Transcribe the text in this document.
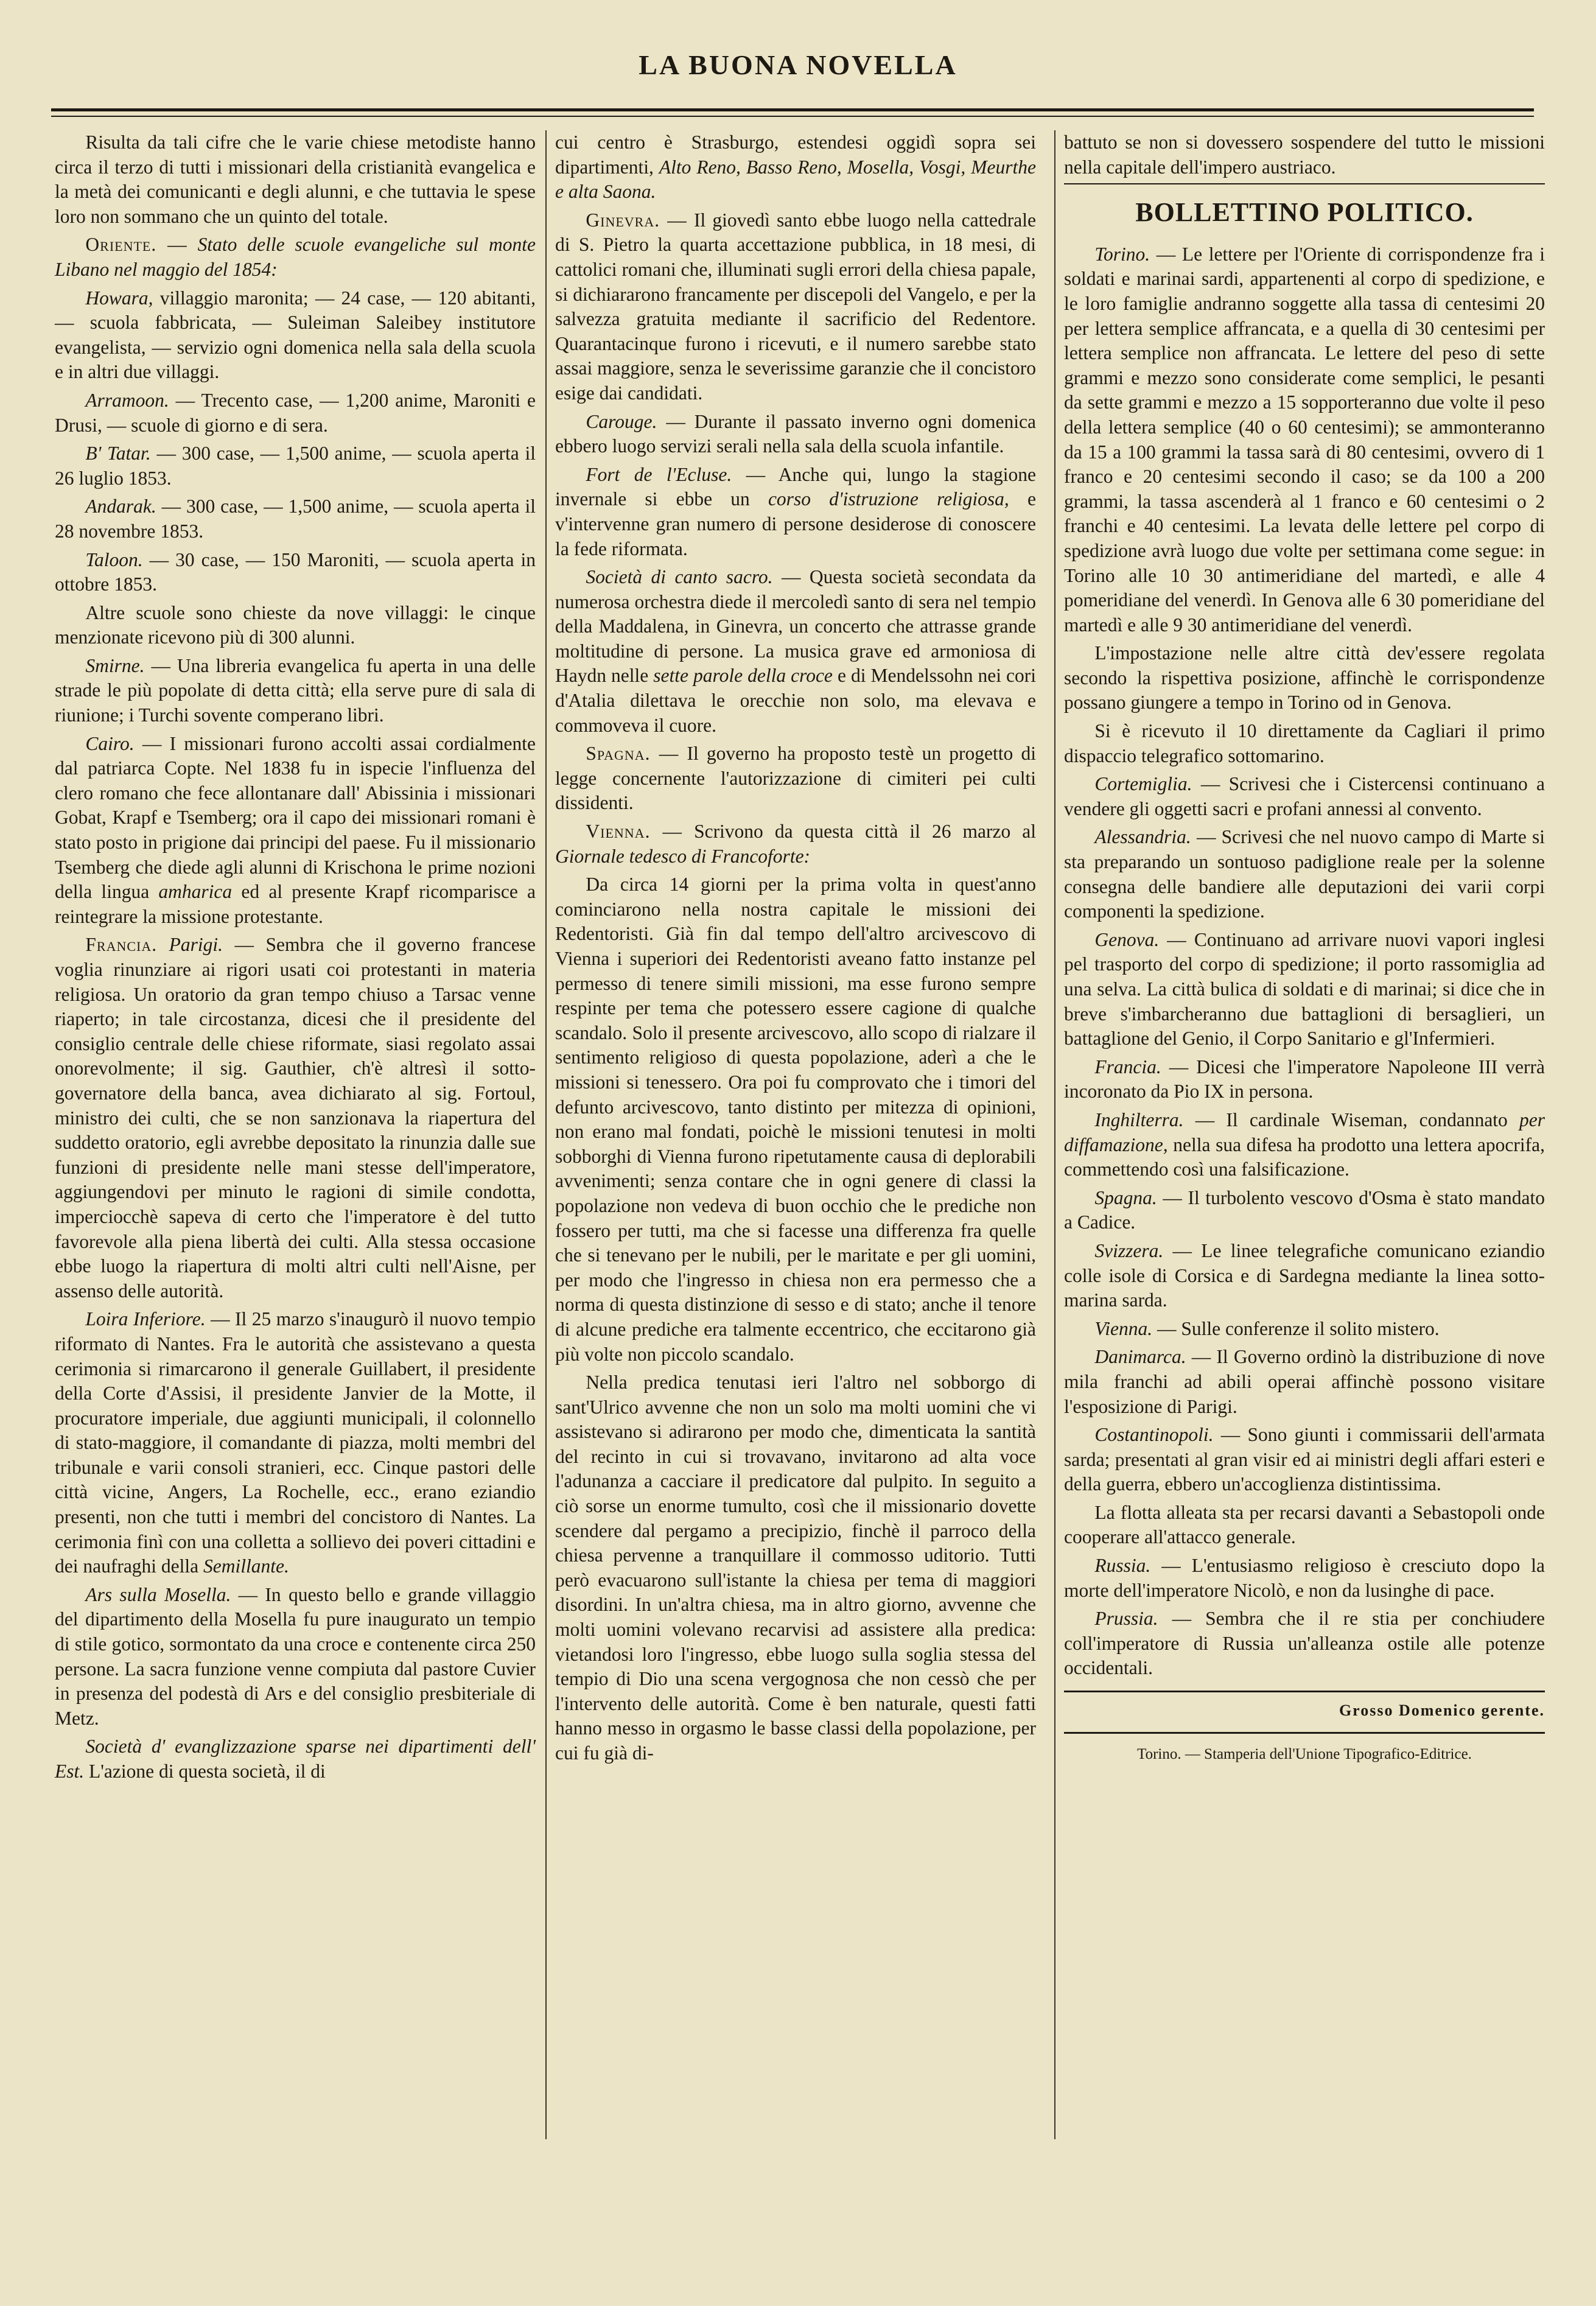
LA BUONA NOVELLA

Risulta da tali cifre che le varie chiese metodiste hanno circa il terzo di tutti i missionari della cristianità evangelica e la metà dei comunicanti e degli alunni, e che tuttavia le spese loro non sommano che un quinto del totale.

Oriente. — Stato delle scuole evangeliche sul monte Libano nel maggio del 1854:

Howara, villaggio maronita; — 24 case, — 120 abitanti, — scuola fabbricata, — Suleiman Saleibey institutore evangelista, — servizio ogni domenica nella sala della scuola e in altri due villaggi.

Arramoon. — Trecento case, — 1,200 anime, Maroniti e Drusi, — scuole di giorno e di sera.

B' Tatar. — 300 case, — 1,500 anime, — scuola aperta il 26 luglio 1853.

Andarak. — 300 case, — 1,500 anime, — scuola aperta il 28 novembre 1853.

Taloon. — 30 case, — 150 Maroniti, — scuola aperta in ottobre 1853.

Altre scuole sono chieste da nove villaggi: le cinque menzionate ricevono più di 300 alunni.

Smirne. — Una libreria evangelica fu aperta in una delle strade le più popolate di detta città; ella serve pure di sala di riunione; i Turchi sovente comperano libri.

Cairo. — I missionari furono accolti assai cordialmente dal patriarca Copte. Nel 1838 fu in ispecie l'influenza del clero romano che fece allontanare dall' Abissinia i missionari Gobat, Krapf e Tsemberg; ora il capo dei missionari romani è stato posto in prigione dai principi del paese. Fu il missionario Tsemberg che diede agli alunni di Krischona le prime nozioni della lingua amharica ed al presente Krapf ricomparisce a reintegrare la missione protestante.

Francia. Parigi. — Sembra che il governo francese voglia rinunziare ai rigori usati coi protestanti in materia religiosa. Un oratorio da gran tempo chiuso a Tarsac venne riaperto; in tale circostanza, dicesi che il presidente del consiglio centrale delle chiese riformate, siasi regolato assai onorevolmente; il sig. Gauthier, ch'è altresì il sotto-governatore della banca, avea dichiarato al sig. Fortoul, ministro dei culti, che se non sanzionava la riapertura del suddetto oratorio, egli avrebbe depositato la rinunzia dalle sue funzioni di presidente nelle mani stesse dell'imperatore, aggiungendovi per minuto le ragioni di simile condotta, imperciocchè sapeva di certo che l'imperatore è del tutto favorevole alla piena libertà dei culti. Alla stessa occasione ebbe luogo la riapertura di molti altri culti nell'Aisne, per assenso delle autorità.

Loira Inferiore. — Il 25 marzo s'inaugurò il nuovo tempio riformato di Nantes. Fra le autorità che assistevano a questa cerimonia si rimarcarono il generale Guillabert, il presidente della Corte d'Assisi, il presidente Janvier de la Motte, il procuratore imperiale, due aggiunti municipali, il colonnello di stato-maggiore, il comandante di piazza, molti membri del tribunale e varii consoli stranieri, ecc. Cinque pastori delle città vicine, Angers, La Rochelle, ecc., erano eziandio presenti, non che tutti i membri del concistoro di Nantes. La cerimonia finì con una colletta a sollievo dei poveri cittadini e dei naufraghi della Semillante.

Ars sulla Mosella. — In questo bello e grande villaggio del dipartimento della Mosella fu pure inaugurato un tempio di stile gotico, sormontato da una croce e contenente circa 250 persone. La sacra funzione venne compiuta dal pastore Cuvier in presenza del podestà di Ars e del consiglio presbiteriale di Metz.

Società d' evanglizzazione sparse nei dipartimenti dell' Est. L'azione di questa società, il di

cui centro è Strasburgo, estendesi oggidì sopra sei dipartimenti, Alto Reno, Basso Reno, Mosella, Vosgi, Meurthe e alta Saona.

Ginevra. — Il giovedì santo ebbe luogo nella cattedrale di S. Pietro la quarta accettazione pubblica, in 18 mesi, di cattolici romani che, illuminati sugli errori della chiesa papale, si dichiararono francamente per discepoli del Vangelo, e per la salvezza gratuita mediante il sacrificio del Redentore. Quarantacinque furono i ricevuti, e il numero sarebbe stato assai maggiore, senza le severissime garanzie che il concistoro esige dai candidati.

Carouge. — Durante il passato inverno ogni domenica ebbero luogo servizi serali nella sala della scuola infantile.

Fort de l'Ecluse. — Anche qui, lungo la stagione invernale si ebbe un corso d'istruzione religiosa, e v'intervenne gran numero di persone desiderose di conoscere la fede riformata.

Società di canto sacro. — Questa società secondata da numerosa orchestra diede il mercoledì santo di sera nel tempio della Maddalena, in Ginevra, un concerto che attrasse grande moltitudine di persone. La musica grave ed armoniosa di Haydn nelle sette parole della croce e di Mendelssohn nei cori d'Atalia dilettava le orecchie non solo, ma elevava e commoveva il cuore.

Spagna. — Il governo ha proposto testè un progetto di legge concernente l'autorizzazione di cimiteri pei culti dissidenti.

Vienna. — Scrivono da questa città il 26 marzo al Giornale tedesco di Francoforte:

Da circa 14 giorni per la prima volta in quest'anno cominciarono nella nostra capitale le missioni dei Redentoristi. Già fin dal tempo dell'altro arcivescovo di Vienna i superiori dei Redentoristi aveano fatto instanze pel permesso di tenere simili missioni, ma esse furono sempre respinte per tema che potessero essere cagione di qualche scandalo. Solo il presente arcivescovo, allo scopo di rialzare il sentimento religioso di questa popolazione, aderì a che le missioni si tenessero. Ora poi fu comprovato che i timori del defunto arcivescovo, tanto distinto per mitezza di opinioni, non erano mal fondati, poichè le missioni tenutesi in molti sobborghi di Vienna furono ripetutamente causa di deplorabili avvenimenti; senza contare che in ogni genere di classi la popolazione non vedeva di buon occhio che le prediche non fossero per tutti, ma che si facesse una differenza fra quelle che si tenevano per le nubili, per le maritate e per gli uomini, per modo che l'ingresso in chiesa non era permesso che a norma di questa distinzione di sesso e di stato; anche il tenore di alcune prediche era talmente eccentrico, che eccitarono già più volte non piccolo scandalo.

Nella predica tenutasi ieri l'altro nel sobborgo di sant'Ulrico avvenne che non un solo ma molti uomini che vi assistevano si adirarono per modo che, dimenticata la santità del recinto in cui si trovavano, invitarono ad alta voce l'adunanza a cacciare il predicatore dal pulpito. In seguito a ciò sorse un enorme tumulto, così che il missionario dovette scendere dal pergamo a precipizio, finchè il parroco della chiesa pervenne a tranquillare il commosso uditorio. Tutti però evacuarono sull'istante la chiesa per tema di maggiori disordini. In un'altra chiesa, ma in altro giorno, avvenne che molti uomini volevano recarvisi ad assistere alla predica: vietandosi loro l'ingresso, ebbe luogo sulla soglia stessa del tempio di Dio una scena vergognosa che non cessò che per l'intervento delle autorità. Come è ben naturale, questi fatti hanno messo in orgasmo le basse classi della popolazione, per cui fu già di-

battuto se non si dovessero sospendere del tutto le missioni nella capitale dell'impero austriaco.

BOLLETTINO POLITICO.

Torino. — Le lettere per l'Oriente di corrispondenze fra i soldati e marinai sardi, appartenenti al corpo di spedizione, e le loro famiglie andranno soggette alla tassa di centesimi 20 per lettera semplice affrancata, e a quella di 30 centesimi per lettera semplice non affrancata. Le lettere del peso di sette grammi e mezzo sono considerate come semplici, le pesanti da sette grammi e mezzo a 15 sopporteranno due volte il peso della lettera semplice (40 o 60 centesimi); se ammonteranno da 15 a 100 grammi la tassa sarà di 80 centesimi, ovvero di 1 franco e 20 centesimi secondo il caso; se da 100 a 200 grammi, la tassa ascenderà al 1 franco e 60 centesimi o 2 franchi e 40 centesimi. La levata delle lettere pel corpo di spedizione avrà luogo due volte per settimana come segue: in Torino alle 10 30 antimeridiane del martedì, e alle 4 pomeridiane del venerdì. In Genova alle 6 30 pomeridiane del martedì e alle 9 30 antimeridiane del venerdì.

L'impostazione nelle altre città dev'essere regolata secondo la rispettiva posizione, affinchè le corrispondenze possano giungere a tempo in Torino od in Genova.

Si è ricevuto il 10 direttamente da Cagliari il primo dispaccio telegrafico sottomarino.

Cortemiglia. — Scrivesi che i Cistercensi continuano a vendere gli oggetti sacri e profani annessi al convento.

Alessandria. — Scrivesi che nel nuovo campo di Marte si sta preparando un sontuoso padiglione reale per la solenne consegna delle bandiere alle deputazioni dei varii corpi componenti la spedizione.

Genova. — Continuano ad arrivare nuovi vapori inglesi pel trasporto del corpo di spedizione; il porto rassomiglia ad una selva. La città bulica di soldati e di marinai; si dice che in breve s'imbarcheranno due battaglioni di bersaglieri, un battaglione del Genio, il Corpo Sanitario e gl'Infermieri.

Francia. — Dicesi che l'imperatore Napoleone III verrà incoronato da Pio IX in persona.

Inghilterra. — Il cardinale Wiseman, condannato per diffamazione, nella sua difesa ha prodotto una lettera apocrifa, commettendo così una falsificazione.

Spagna. — Il turbolento vescovo d'Osma è stato mandato a Cadice.

Svizzera. — Le linee telegrafiche comunicano eziandio colle isole di Corsica e di Sardegna mediante la linea sotto-marina sarda.

Vienna. — Sulle conferenze il solito mistero.

Danimarca. — Il Governo ordinò la distribuzione di nove mila franchi ad abili operai affinchè possono visitare l'esposizione di Parigi.

Costantinopoli. — Sono giunti i commissarii dell'armata sarda; presentati al gran visir ed ai ministri degli affari esteri e della guerra, ebbero un'accoglienza distintissima.

La flotta alleata sta per recarsi davanti a Sebastopoli onde cooperare all'attacco generale.

Russia. — L'entusiasmo religioso è cresciuto dopo la morte dell'imperatore Nicolò, e non da lusinghe di pace.

Prussia. — Sembra che il re stia per conchiudere coll'imperatore di Russia un'alleanza ostile alle potenze occidentali.

Grosso Domenico gerente.
Torino. — Stamperia dell'Unione Tipografico-Editrice.
